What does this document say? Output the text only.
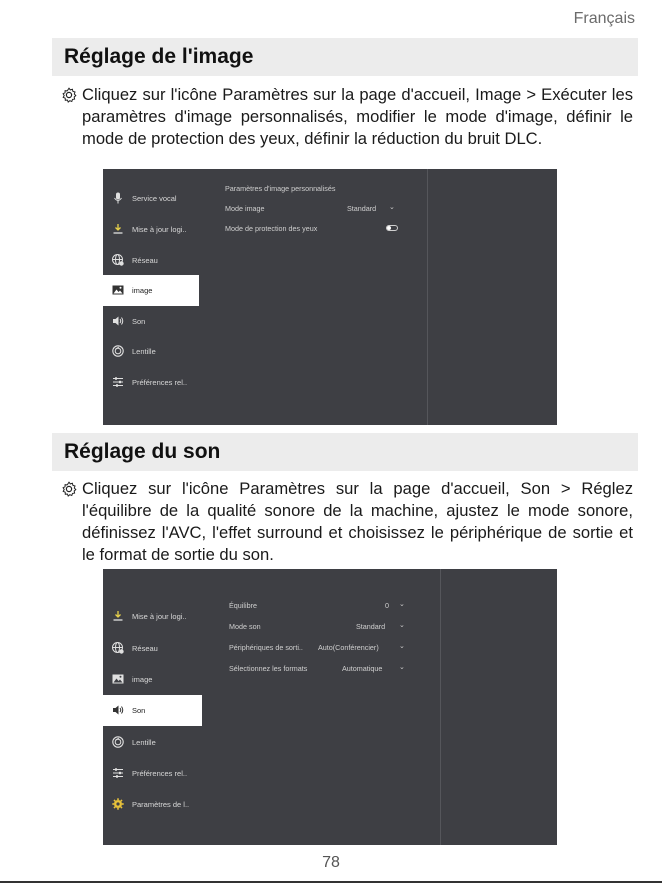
Français
Réglage de l'image
Cliquez sur l'icône Paramètres sur la page d'accueil, Image > Exécuter les paramètres d'image personnalisés, modifier le mode d'image, définir le mode de protection des yeux, définir la réduction du bruit DLC.
Service vocal
Mise à jour logi..
Réseau
image
Son
Lentille
Préférences rel..
Paramètres d'image personnalisés
Mode image	Standard ⌄
Mode de protection des yeux
Réglage du son
Cliquez sur l'icône Paramètres sur la page d'accueil, Son > Réglez l'équilibre de la qualité sonore de la machine, ajustez le mode sonore, définissez l'AVC, l'effet surround et choisissez le périphérique de sortie et le format de sortie du son.
Mise à jour logi..
Réseau
image
Son
Lentille
Préférences rel..
Paramètres de l..
Équilibre	0 ⌄
Mode son	Standard ⌄
Périphériques de sorti.. Auto(Conférencier)	⌄
Sélectionnez les formats	Automatique ⌄
78
